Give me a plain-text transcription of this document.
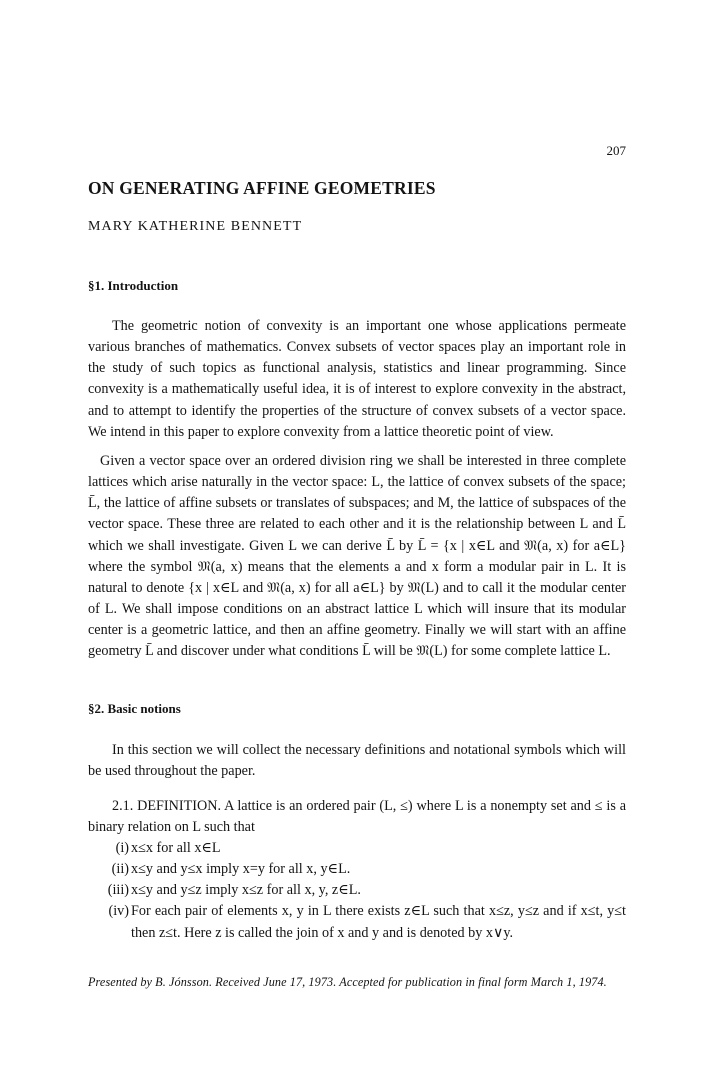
207
ON GENERATING AFFINE GEOMETRIES
MARY KATHERINE BENNETT
§1. Introduction

The geometric notion of convexity is an important one whose applications permeate various branches of mathematics. Convex subsets of vector spaces play an important role in the study of such topics as functional analysis, statistics and linear programming. Since convexity is a mathematically useful idea, it is of interest to explore convexity in the abstract, and to attempt to identify the properties of the structure of convex subsets of a vector space. We intend in this paper to explore convexity from a lattice theoretic point of view.

Given a vector space over an ordered division ring we shall be interested in three complete lattices which arise naturally in the vector space: L, the lattice of convex subsets of the space; L̄, the lattice of affine subsets or translates of subspaces; and M, the lattice of subspaces of the vector space. These three are related to each other and it is the relationship between L and L̄ which we shall investigate. Given L we can derive L̄ by L̄ = {x | x∈L and 𝔐(a, x) for a∈L} where the symbol 𝔐(a, x) means that the elements a and x form a modular pair in L. It is natural to denote {x | x∈L and 𝔐(a, x) for all a∈L} by 𝔐(L) and to call it the modular center of L. We shall impose conditions on an abstract lattice L which will insure that its modular center is a geometric lattice, and then an affine geometry. Finally we will start with an affine geometry L̄ and discover under what conditions L̄ will be 𝔐(L) for some complete lattice L.

§2. Basic notions

In this section we will collect the necessary definitions and notational symbols which will be used throughout the paper.

2.1. DEFINITION. A lattice is an ordered pair (L, ≤) where L is a nonempty set and ≤ is a binary relation on L such that

(i) x≤x for all x∈L
(ii) x≤y and y≤x imply x=y for all x, y∈L.
(iii) x≤y and y≤z imply x≤z for all x, y, z∈L.
(iv) For each pair of elements x, y in L there exists z∈L such that x≤z, y≤z and if x≤t, y≤t then z≤t. Here z is called the join of x and y and is denoted by x∨y.
Presented by B. Jónsson. Received June 17, 1973. Accepted for publication in final form March 1, 1974.
